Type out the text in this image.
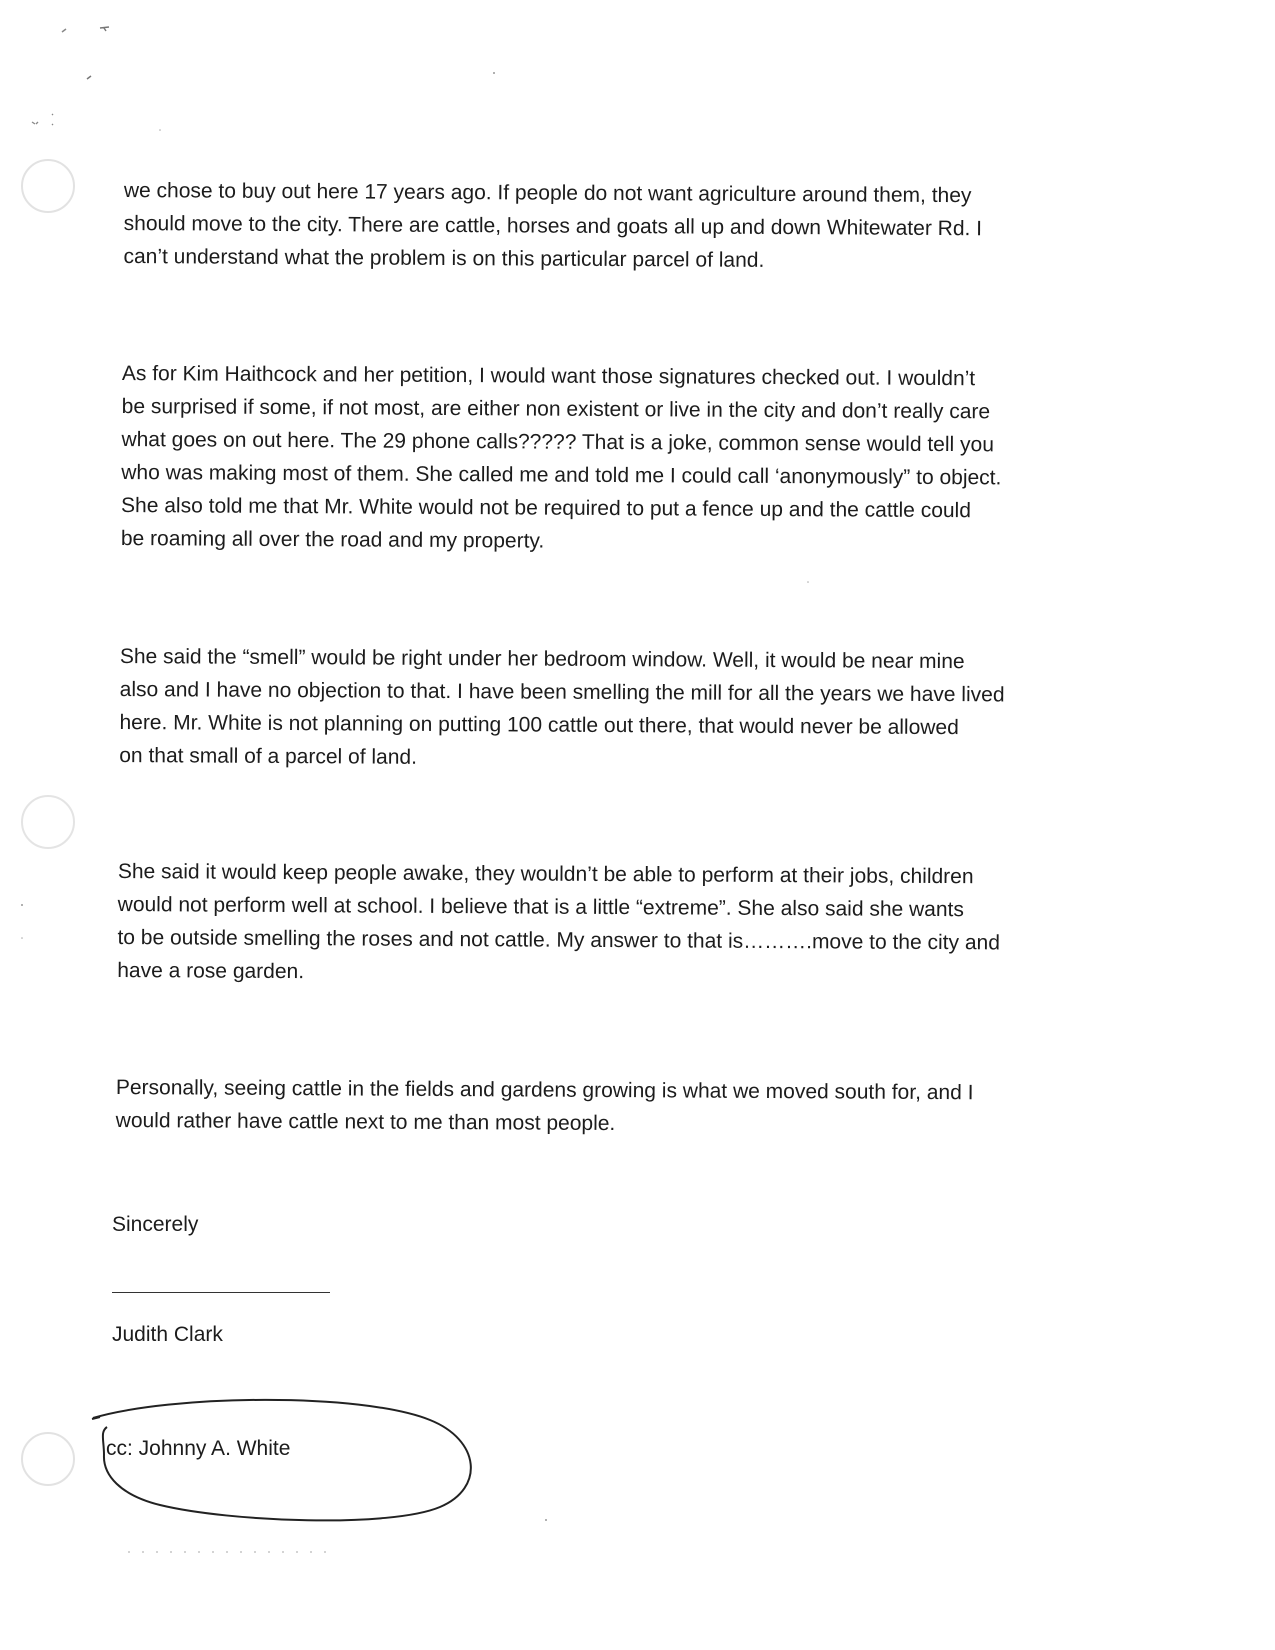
we chose to buy out here 17 years ago. If people do not want agriculture around them, they
should move to the city. There are cattle, horses and goats all up and down Whitewater Rd. I
can’t understand what the problem is on this particular parcel of land.
As for Kim Haithcock and her petition, I would want those signatures checked out. I wouldn’t
be surprised if some, if not most, are either non existent or live in the city and don’t really care
what goes on out here. The 29 phone calls????? That is a joke, common sense would tell you
who was making most of them. She called me and told me I could call ‘anonymously” to object.
She also told me that Mr. White would not be required to put a fence up and the cattle could
be roaming all over the road and my property.
She said the “smell” would be right under her bedroom window. Well, it would be near mine
also and I have no objection to that. I have been smelling the mill for all the years we have lived
here. Mr. White is not planning on putting 100 cattle out there, that would never be allowed
on that small of a parcel of land.
She said it would keep people awake, they wouldn’t be able to perform at their jobs, children
would not perform well at school. I believe that is a little “extreme”. She also said she wants
to be outside smelling the roses and not cattle. My answer to that is……….move to the city and
have a rose garden.
Personally, seeing cattle in the fields and gardens growing is what we moved south for, and I
would rather have cattle next to me than most people.
Sincerely
Judith Clark
cc: Johnny A. White
